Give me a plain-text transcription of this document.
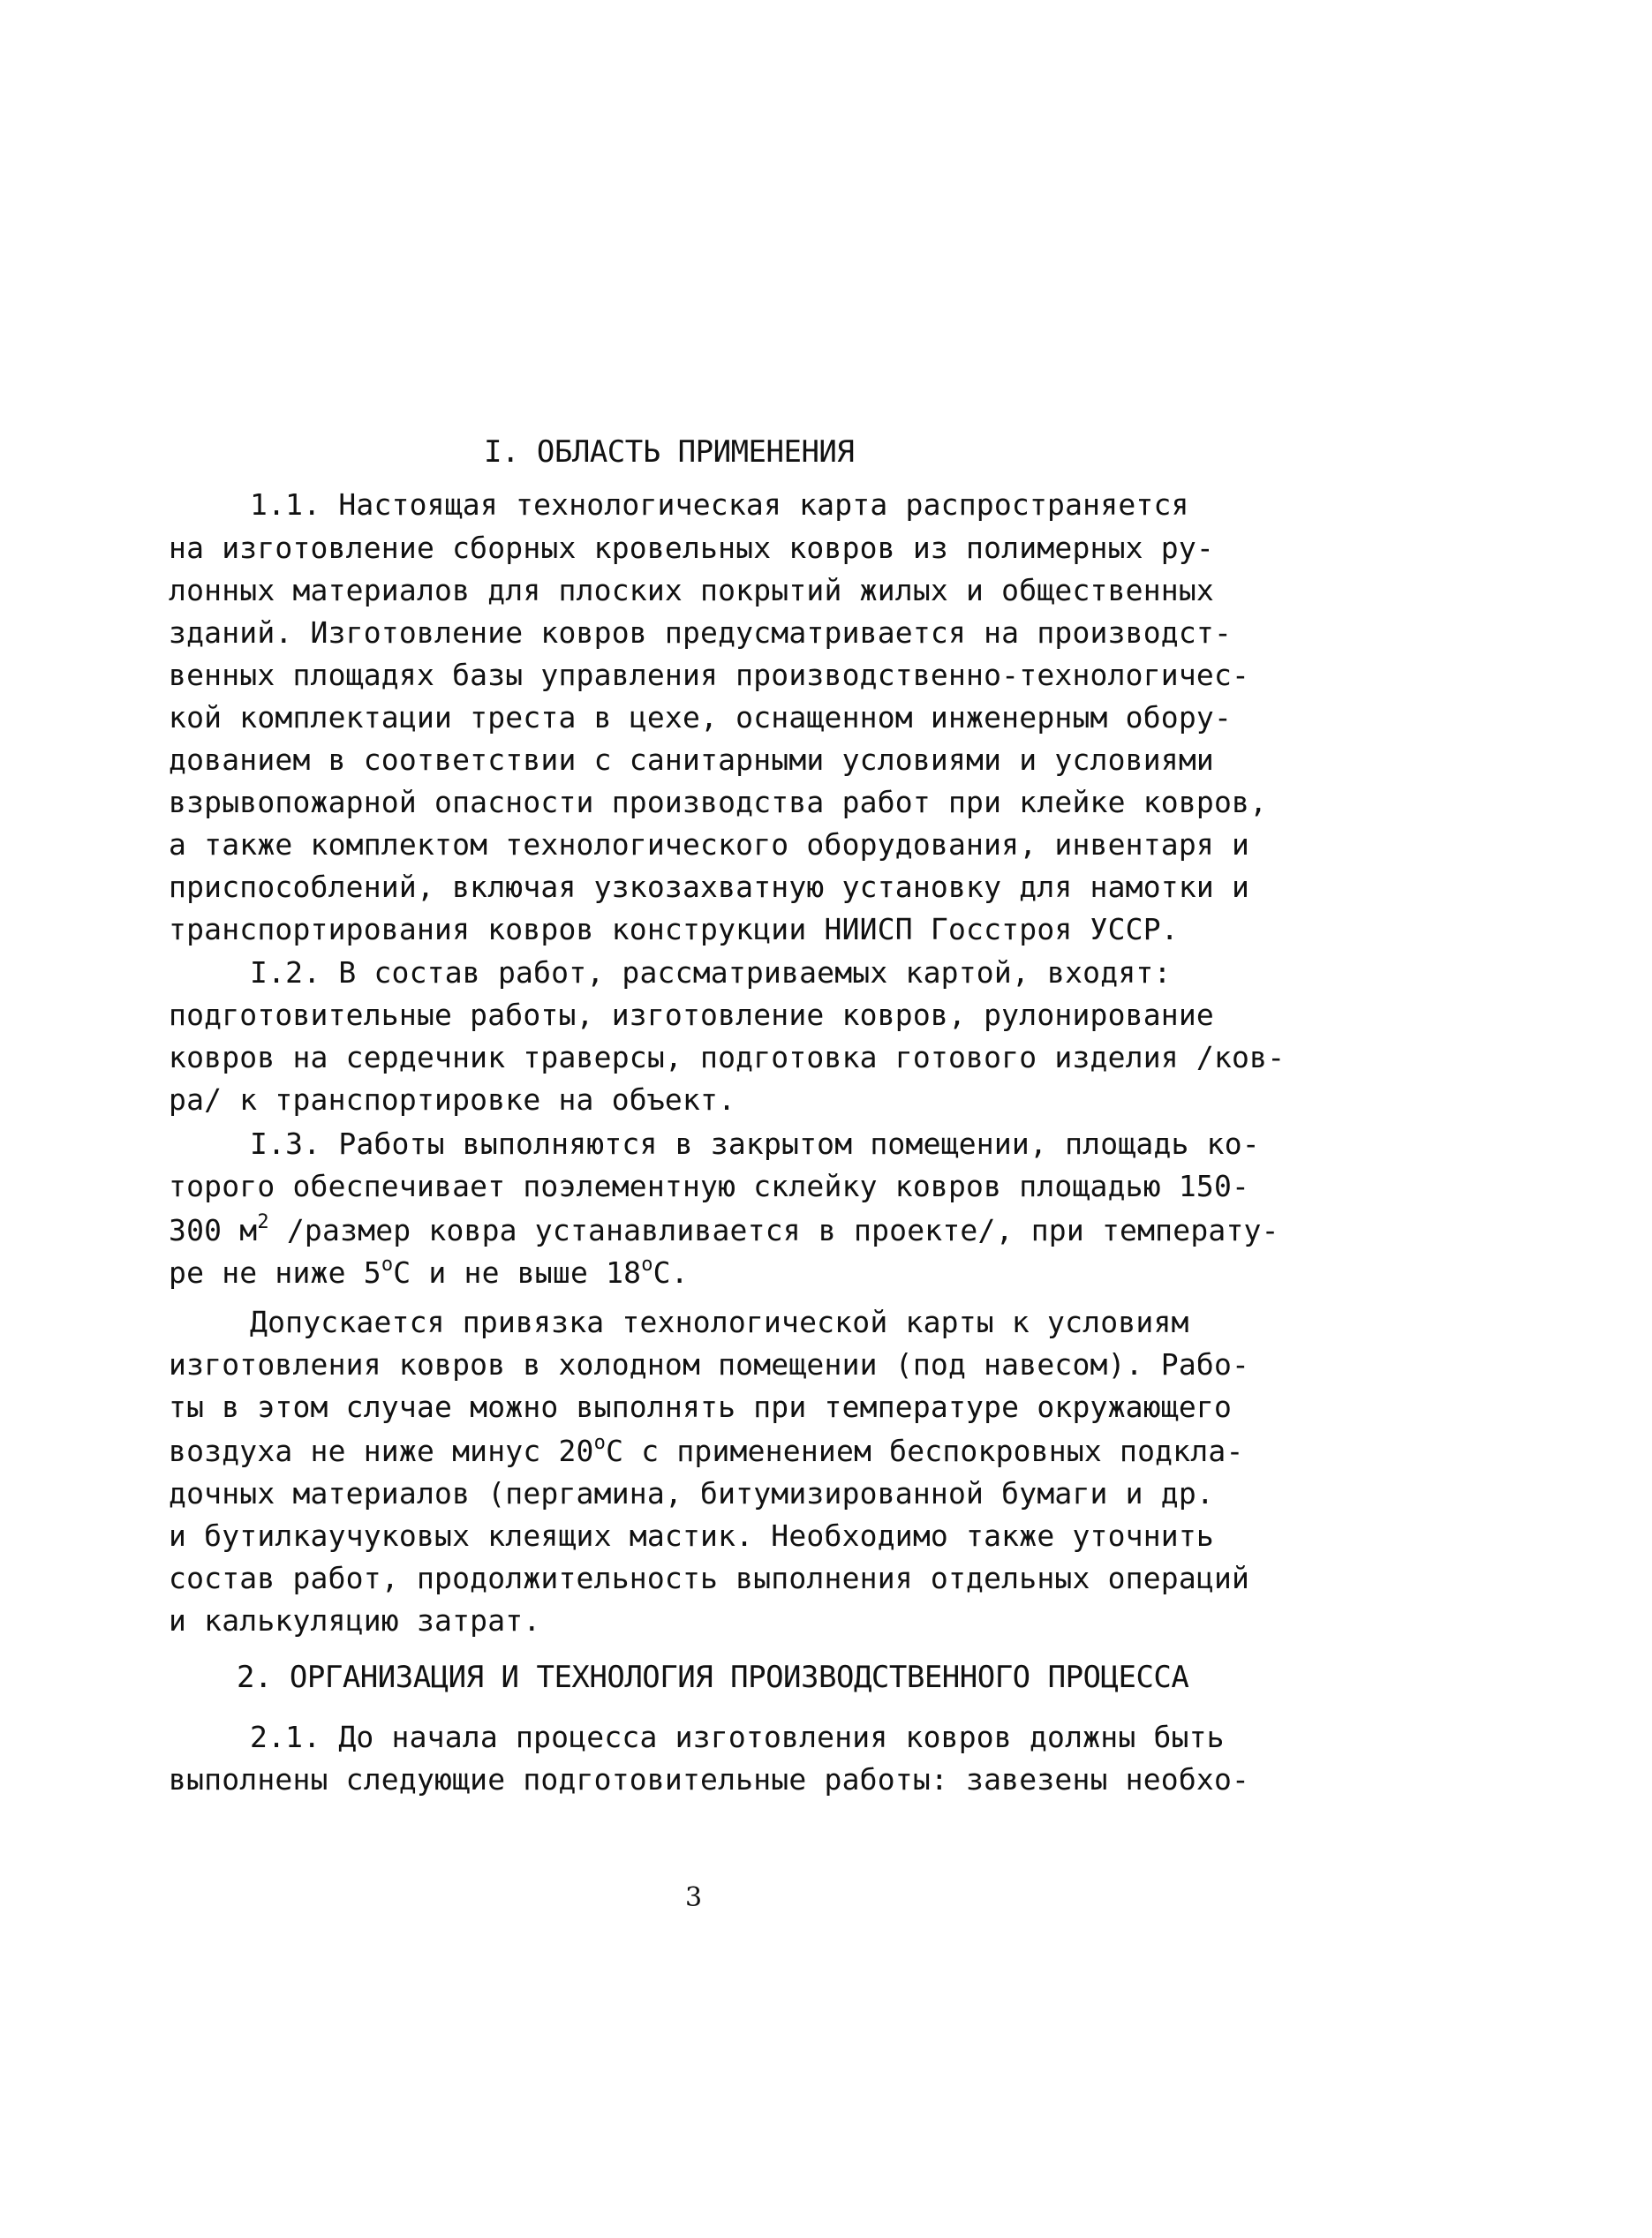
I. ОБЛАСТЬ ПРИМЕНЕНИЯ
1.1. Настоящая технологическая карта распространяется
на изготовление сборных кровельных ковров из полимерных ру-
лонных материалов для плоских покрытий жилых и общественных
зданий. Изготовление ковров предусматривается на производст-
венных площадях базы управления производственно-технологичес-
кой комплектации треста в цехе, оснащенном инженерным обору-
дованием в соответствии с санитарными условиями и условиями
взрывопожарной опасности производства работ при клейке ковров,
а также комплектом технологического оборудования, инвентаря и
приспособлений, включая узкозахватную установку для намотки и
транспортирования ковров конструкции НИИСП Госстроя УССР.
I.2. В состав работ, рассматриваемых картой, входят:
подготовительные работы, изготовление ковров, рулонирование
ковров на сердечник траверсы, подготовка готового изделия /ков-
ра/ к транспортировке на объект.
I.3. Работы выполняются в закрытом помещении, площадь ко-
торого обеспечивает поэлементную склейку ковров площадью 150-
300 $м^2$ /размер ковра устанавливается в проекте/, при температу-
ре не ниже $5^оС$ и не выше $18^оС$.
Допускается привязка технологической карты к условиям
изготовления ковров в холодном помещении (под навесом). Рабо-
ты в этом случае можно выполнять при температуре окружающего
воздуха не ниже минус $20^оС$ с применением беспокровных подкла-
дочных материалов (пергамина, битумизированной бумаги и др.
и бутилкаучуковых клеящих мастик. Необходимо также уточнить
состав работ, продолжительность выполнения отдельных операций
и калькуляцию затрат.
2. ОРГАНИЗАЦИЯ И ТЕХНОЛОГИЯ ПРОИЗВОДСТВЕННОГО ПРОЦЕССА
2.1. До начала процесса изготовления ковров должны быть
выполнены следующие подготовительные работы: завезены необхо-
3
